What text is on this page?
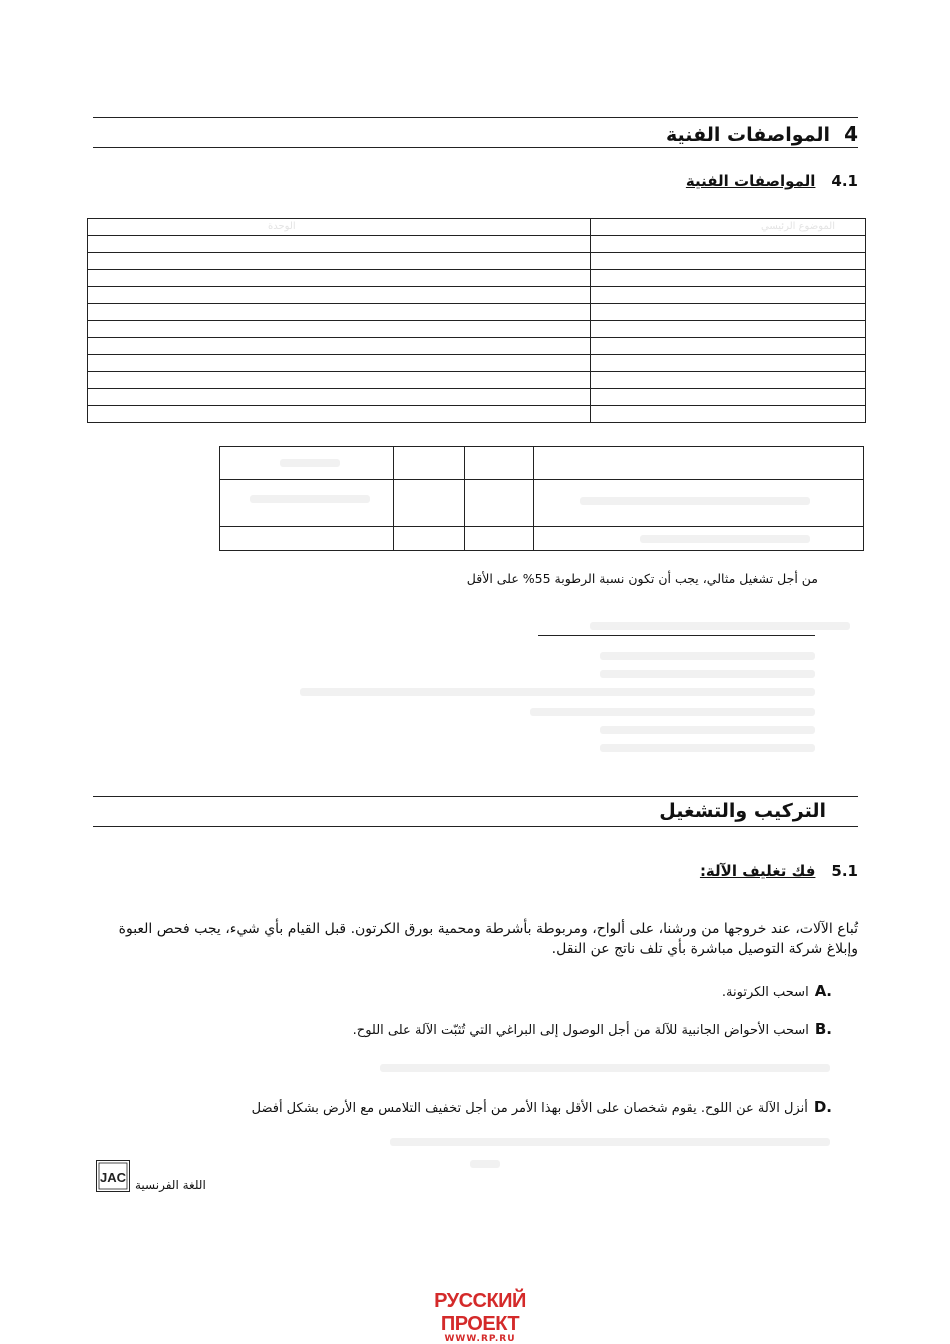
4المواصفات الفنية
4.1المواصفات الفنية
الموضوع الرئيسي
الوحدة
من أجل تشغيل مثالي، يجب أن تكون نسبة الرطوبة 55% على الأقل
التركيب والتشغيل
5.1فك تغليف الآلة:
تُباع الآلات، عند خروجها من ورشنا، على ألواح، ومربوطة بأشرطة ومحمية بورق الكرتون. قبل القيام بأي شيء، يجب فحص العبوة وإبلاغ شركة التوصيل مباشرة بأي تلف ناتج عن النقل.
.Aاسحب الكرتونة.
.Bاسحب الأحواض الجانبية للآلة من أجل الوصول إلى البراغي التي تُثبّت الآلة على اللوح.
.Dأنزل الآلة عن اللوح. يقوم شخصان على الأقل بهذا الأمر من أجل تخفيف التلامس مع الأرض بشكل أفضل
JAC اللغة الفرنسية
РУССКИЙ ПРОЕКТ
WWW.RP.RU
